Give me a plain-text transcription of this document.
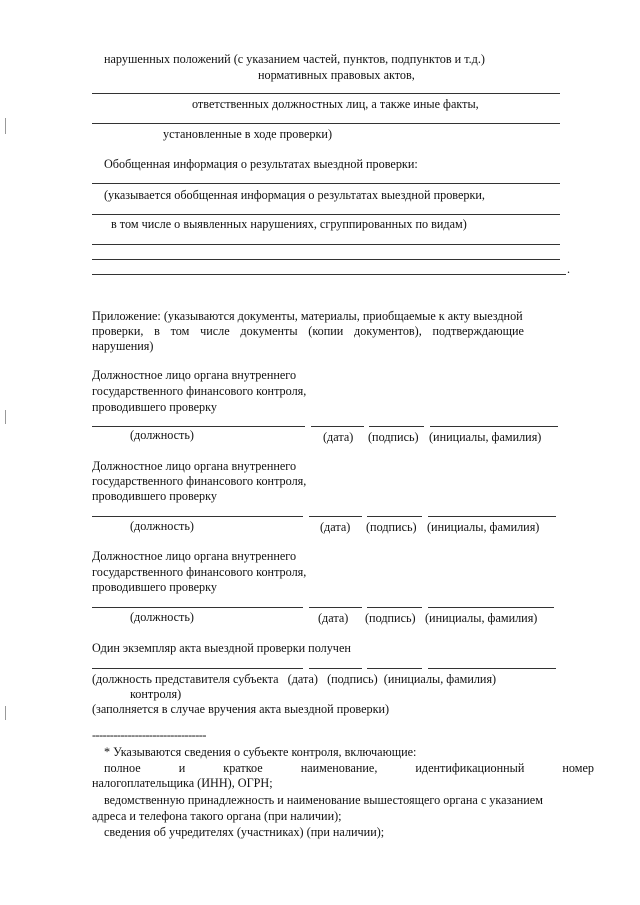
нарушенных положений (с указанием частей, пунктов, подпунктов и т.д.)
нормативных правовых актов,
ответственных должностных лиц, а также иные факты,
установленные в ходе проверки)
Обобщенная информация о результатах выездной проверки:
(указывается обобщенная информация о результатах выездной проверки,
в том числе о выявленных нарушениях, сгруппированных по видам)
.
Приложение: (указываются документы, материалы, приобщаемые к акту выездной
проверки, в том числе документы (копии документов), подтверждающие
нарушения)
Должностное лицо органа внутреннего
государственного финансового контроля,
проводившего проверку
(должность)	(дата) (подпись) (инициалы, фамилия)
Должностное лицо органа внутреннего
государственного финансового контроля,
проводившего проверку
(должность)	(дата) (подпись) (инициалы, фамилия)
Должностное лицо органа внутреннего
государственного финансового контроля,
проводившего проверку
(должность)	(дата) (подпись) (инициалы, фамилия)
Один экземпляр акта выездной проверки получен
(должность представителя субъекта   (дата)   (подпись)  (инициалы, фамилия)
контроля)
(заполняется в случае вручения акта выездной проверки)
--------------------------------
* Указываются сведения о субъекте контроля, включающие:
полное	и	краткое	наименование,	идентификационный	номер
налогоплательщика (ИНН), ОГРН;
ведомственную принадлежность и наименование вышестоящего органа с указанием
адреса и телефона такого органа (при наличии);
сведения об учредителях (участниках) (при наличии);
